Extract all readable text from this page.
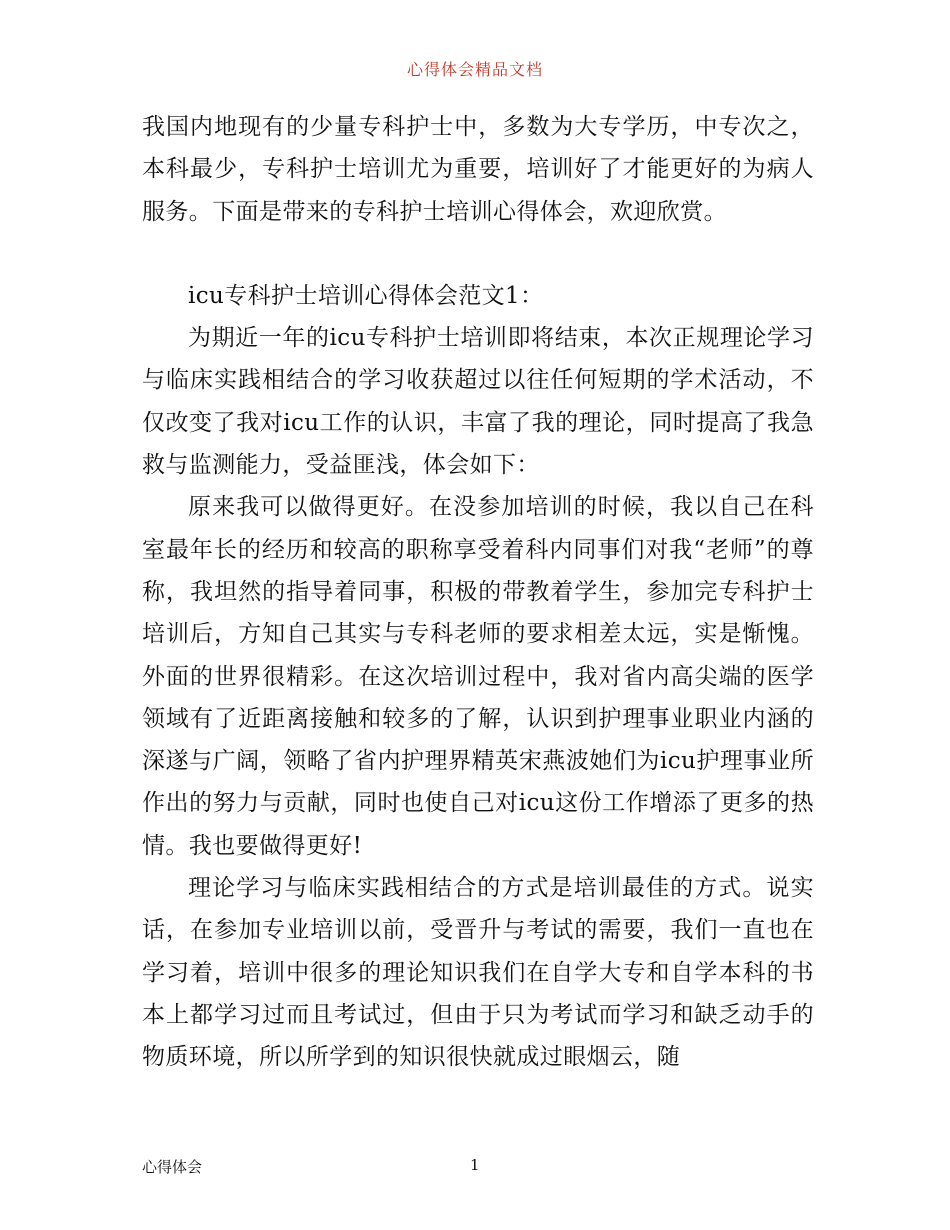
心得体会精品文档

我国内地现有的少量专科护士中，多数为大专学历，中专次之，本科最少，专科护士培训尤为重要，培训好了才能更好的为病人服务。下面是带来的专科护士培训心得体会，欢迎欣赏。

icu专科护士培训心得体会范文1：

为期近一年的icu专科护士培训即将结束，本次正规理论学习与临床实践相结合的学习收获超过以往任何短期的学术活动，不仅改变了我对icu工作的认识，丰富了我的理论，同时提高了我急救与监测能力，受益匪浅，体会如下：

原来我可以做得更好。在没参加培训的时候，我以自己在科室最年长的经历和较高的职称享受着科内同事们对我“老师”的尊称，我坦然的指导着同事，积极的带教着学生，参加完专科护士培训后，方知自己其实与专科老师的要求相差太远，实是惭愧。外面的世界很精彩。在这次培训过程中，我对省内高尖端的医学领域有了近距离接触和较多的了解，认识到护理事业职业内涵的深遂与广阔，领略了省内护理界精英宋燕波她们为icu护理事业所作出的努力与贡献，同时也使自己对icu这份工作增添了更多的热情。我也要做得更好!

理论学习与临床实践相结合的方式是培训最佳的方式。说实话，在参加专业培训以前，受晋升与考试的需要，我们一直也在学习着，培训中很多的理论知识我们在自学大专和自学本科的书本上都学习过而且考试过，但由于只为考试而学习和缺乏动手的物质环境，所以所学到的知识很快就成过眼烟云，随

心得体会	1
